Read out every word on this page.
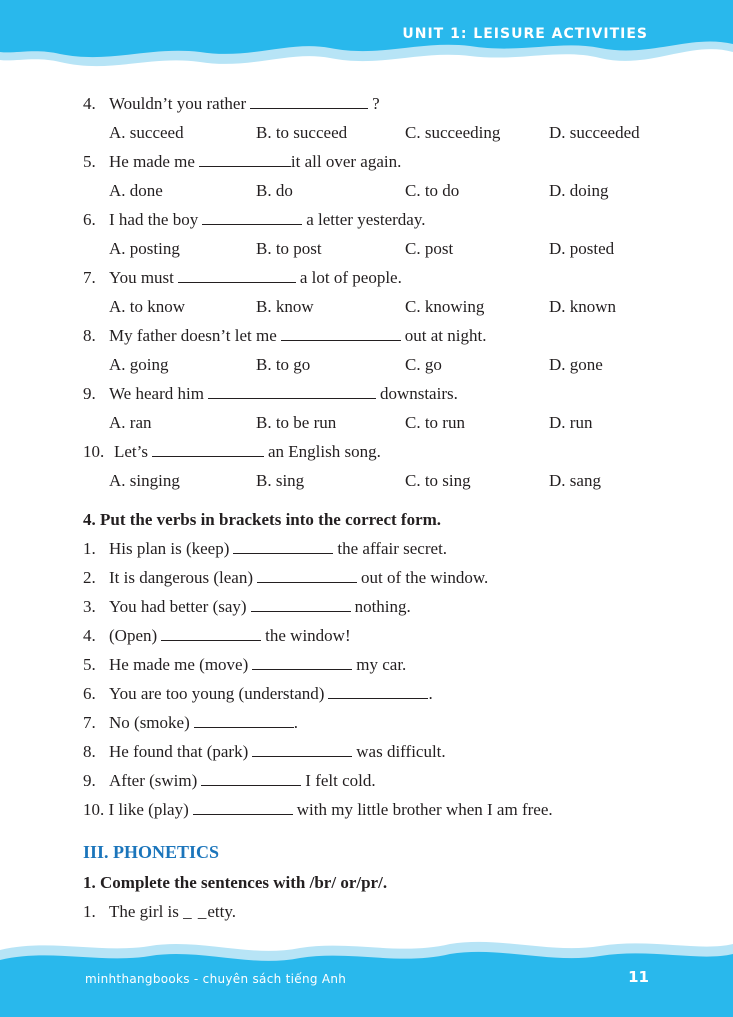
UNIT 1: LEISURE ACTIVITIES
4. Wouldn’t you rather	?
A. succeed	B. to succeed	C. succeeding	D. succeeded
5. He made me	it all over again.
A. done	B. do	C. to do	D. doing
6. I had the boy	a letter yesterday.
A. posting	B. to post	C. post	D. posted
7. You must	a lot of people.
A. to know	B. know	C. knowing	D. known
8. My father doesn’t let me	out at night.
A. going	B. to go	C. go	D. gone
9. We heard him	downstairs.
A. ran	B. to be run	C. to run	D. run
10. Let’s	an English song.
A. singing	B. sing	C. to sing	D. sang
4. Put the verbs in brackets into the correct form.
1. His plan is (keep)	the affair secret.
2. It is dangerous (lean)	out of the window.
3. You had better (say)	nothing.
4. (Open)	the window!
5. He made me (move)	my car.
6. You are too young (understand)	.
7. No (smoke)	.
8. He found that (park)	was difficult.
9. After (swim)	I felt cold.
10. I like (play)	with my little brother when I am free.
III. PHONETICS
1. Complete the sentences with /br/ or/pr/.
1. The girl is _ _etty.
minhthangbooks - chuyên sách tiếng Anh	11
